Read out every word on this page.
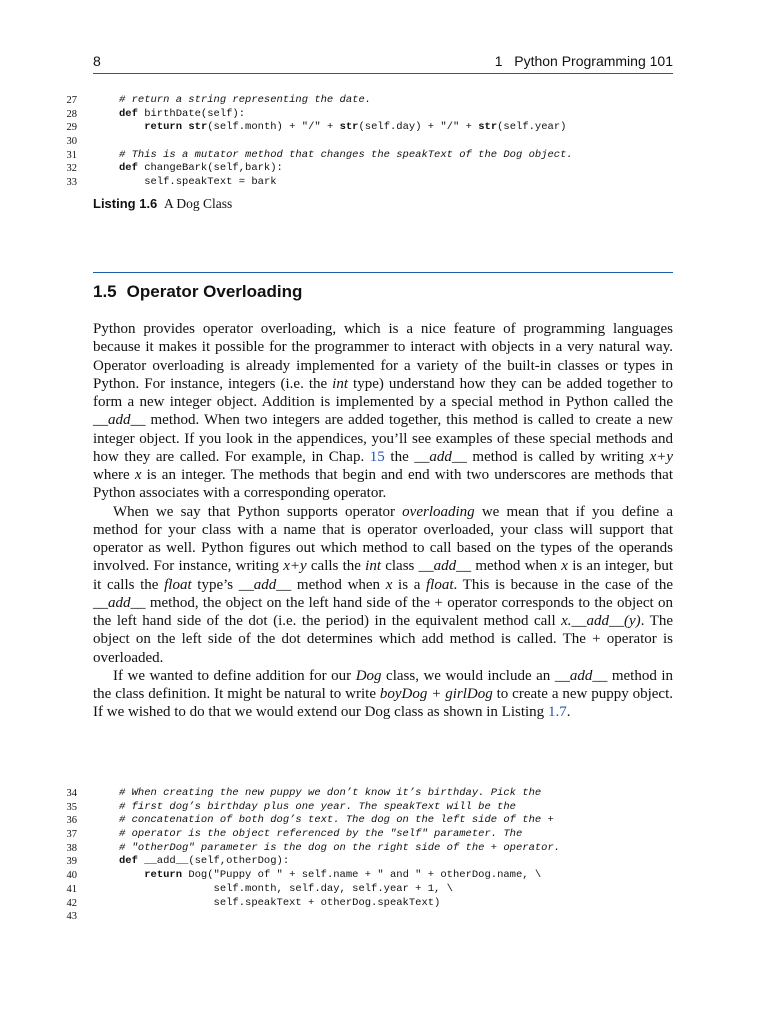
8	1   Python Programming 101
27	# return a string representing the date.
28	def birthDate(self):
29	return str(self.month) + "/" + str(self.day) + "/" + str(self.year)
30
31	# This is a mutator method that changes the speakText of the Dog object.
32	def changeBark(self,bark):
33	self.speakText = bark
Listing 1.6 A Dog Class
1.5 Operator Overloading

Python provides operator overloading, which is a nice feature of programming languages because it makes it possible for the programmer to interact with objects in a very natural way. Operator overloading is already implemented for a variety of the built-in classes or types in Python. For instance, integers (i.e. the int type) understand how they can be added together to form a new integer object. Addition is implemented by a special method in Python called the __add__ method. When two integers are added together, this method is called to create a new integer object. If you look in the appendices, you’ll see examples of these special methods and how they are called. For example, in Chap. 15 the __add__ method is called by writing x+y where x is an integer. The methods that begin and end with two underscores are methods that Python associates with a corresponding operator.

When we say that Python supports operator overloading we mean that if you define a method for your class with a name that is operator overloaded, your class will support that operator as well. Python figures out which method to call based on the types of the operands involved. For instance, writing x+y calls the int class __add__ method when x is an integer, but it calls the float type’s __add__ method when x is a float. This is because in the case of the __add__ method, the object on the left hand side of the + operator corresponds to the object on the left hand side of the dot (i.e. the period) in the equivalent method call x.__add__(y). The object on the left side of the dot determines which add method is called. The + operator is overloaded.

If we wanted to define addition for our Dog class, we would include an __add__ method in the class definition. It might be natural to write boyDog + girlDog to create a new puppy object. If we wished to do that we would extend our Dog class as shown in Listing 1.7.

34	# When creating the new puppy we don’t know it’s birthday. Pick the
35	# first dog’s birthday plus one year. The speakText will be the
36	# concatenation of both dog’s text. The dog on the left side of the +
37	# operator is the object referenced by the "self" parameter. The
38	# "otherDog" parameter is the dog on the right side of the + operator.
39	def __add__(self,otherDog):
40	return Dog("Puppy of " + self.name + " and " + otherDog.name, \
41	self.month, self.day, self.year + 1, \
42	self.speakText + otherDog.speakText)
43
